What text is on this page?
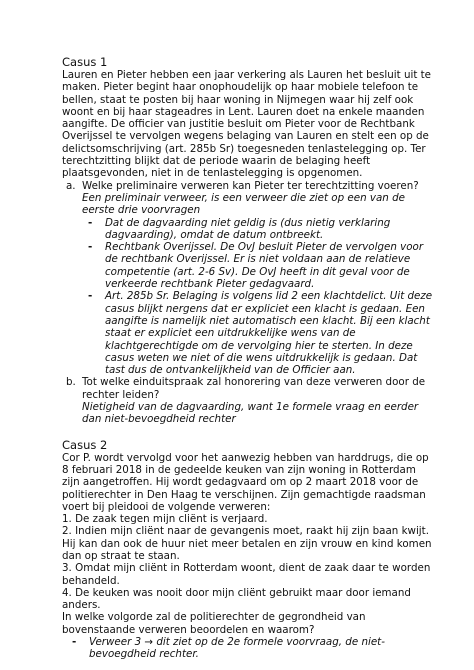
Casus 1

Lauren en Pieter hebben een jaar verkering als Lauren het besluit uit te maken. Pieter begint haar onophoudelijk op haar mobiele telefoon te bellen, staat te posten bij haar woning in Nijmegen waar hij zelf ook woont en bij haar stageadres in Lent. Lauren doet na enkele maanden aangifte. De officier van justitie besluit om Pieter voor de Rechtbank Overijssel te vervolgen wegens belaging van Lauren en stelt een op de delictsomschrijving (art. 285b Sr) toegesneden tenlastelegging op. Ter terechtzitting blijkt dat de periode waarin de belaging heeft plaatsgevonden, niet in de tenlastelegging is opgenomen.

a. Welke preliminaire verweren kan Pieter ter terechtzitting voeren?

Een preliminair verweer, is een verweer die ziet op een van de eerste drie voorvragen

- Dat de dagvaarding niet geldig is (dus nietig verklaring dagvaarding), omdat de datum ontbreekt.

- Rechtbank Overijssel. De OvJ besluit Pieter de vervolgen voor de rechtbank Overijssel. Er is niet voldaan aan de relatieve competentie (art. 2-6 Sv). De OvJ heeft in dit geval voor de verkeerde rechtbank Pieter gedagvaard.

- Art. 285b Sr. Belaging is volgens lid 2 een klachtdelict. Uit deze casus blijkt nergens dat er expliciet een klacht is gedaan. Een aangifte is namelijk niet automatisch een klacht. Bij een klacht staat er expliciet een uitdrukkelijke wens van de klachtgerechtigde om de vervolging hier te sterten. In deze casus weten we niet of die wens uitdrukkelijk is gedaan. Dat tast dus de ontvankelijkheid van de Officier aan.

b. Tot welke einduitspraak zal honorering van deze verweren door de rechter leiden?

Nietigheid van de dagvaarding, want 1e formele vraag en eerder dan niet-bevoegdheid rechter

Casus 2

Cor P. wordt vervolgd voor het aanwezig hebben van harddrugs, die op 8 februari 2018 in de gedeelde keuken van zijn woning in Rotterdam zijn aangetroffen. Hij wordt gedagvaard om op 2 maart 2018 voor de politierechter in Den Haag te verschijnen. Zijn gemachtigde raadsman voert bij pleidooi de volgende verweren:

1. De zaak tegen mijn cliënt is verjaard.

2. Indien mijn cliënt naar de gevangenis moet, raakt hij zijn baan kwijt. Hij kan dan ook de huur niet meer betalen en zijn vrouw en kind komen dan op straat te staan.

3. Omdat mijn cliënt in Rotterdam woont, dient de zaak daar te worden behandeld.

4. De keuken was nooit door mijn cliënt gebruikt maar door iemand anders.

In welke volgorde zal de politierechter de gegrondheid van bovenstaande verweren beoordelen en waarom?

- Verweer 3 → dit ziet op de 2e formele voorvraag, de niet-bevoegdheid rechter.
